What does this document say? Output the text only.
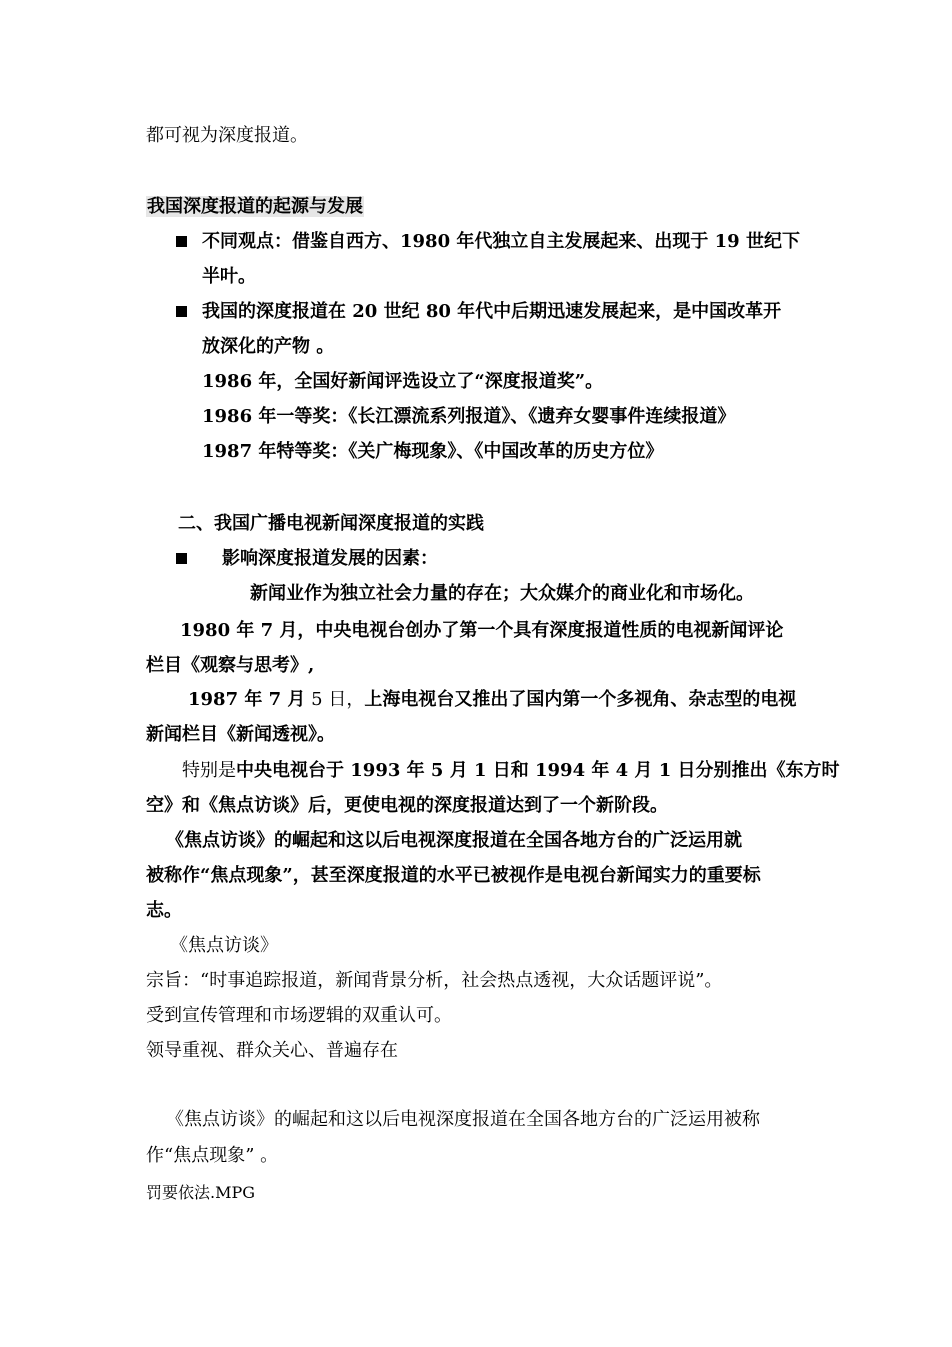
都可视为深度报道。
我国深度报道的起源与发展
不同观点：借鉴自西方、1980 年代独立自主发展起来、出现于 19 世纪下
半叶。
我国的深度报道在 20 世纪 80 年代中后期迅速发展起来，是中国改革开
放深化的产物 。
1986 年，全国好新闻评选设立了“深度报道奖”。
1986 年一等奖：《长江漂流系列报道》、《遗弃女婴事件连续报道》
1987 年特等奖：《关广梅现象》、《中国改革的历史方位》
二、我国广播电视新闻深度报道的实践
影响深度报道发展的因素：
新闻业作为独立社会力量的存在；大众媒介的商业化和市场化。
1980 年 7 月，中央电视台创办了第一个具有深度报道性质的电视新闻评论
栏目《观察与思考》,
1987 年 7 月 5 日，上海电视台又推出了国内第一个多视角、杂志型的电视
新闻栏目《新闻透视》。
特别是中央电视台于 1993 年 5 月 1 日和 1994 年 4 月 1 日分别推出《东方时
空》和《焦点访谈》后，更使电视的深度报道达到了一个新阶段。
《焦点访谈》的崛起和这以后电视深度报道在全国各地方台的广泛运用就
被称作“焦点现象”，甚至深度报道的水平已被视作是电视台新闻实力的重要标
志。
《焦点访谈》
宗旨：“时事追踪报道，新闻背景分析，社会热点透视，大众话题评说”。
受到宣传管理和市场逻辑的双重认可。
领导重视、群众关心、普遍存在
《焦点访谈》的崛起和这以后电视深度报道在全国各地方台的广泛运用被称
作“焦点现象” 。
罚要依法.MPG
